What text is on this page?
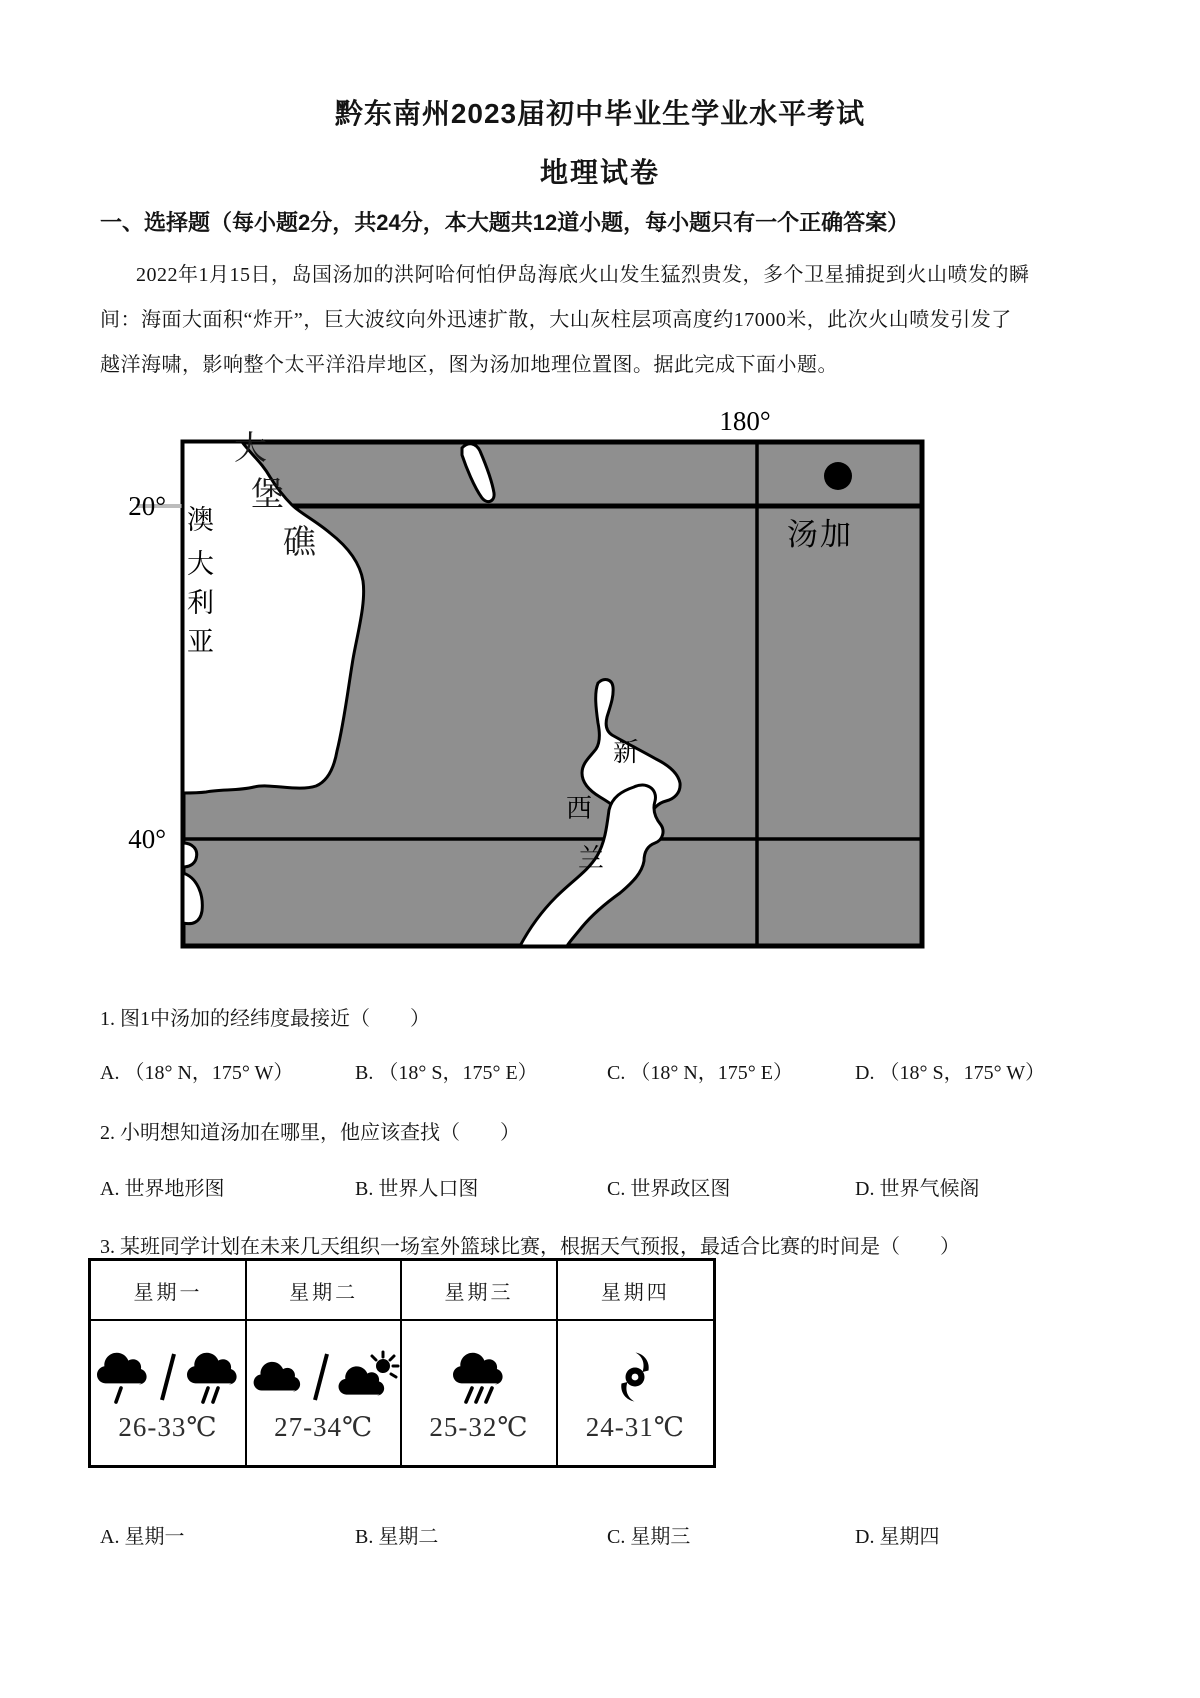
黔东南州2023届初中毕业生学业水平考试
地理试卷
一、选择题（每小题2分，共24分，本大题共12道小题，每小题只有一个正确答案）
2022年1月15日，岛国汤加的洪阿哈何怕伊岛海底火山发生猛烈贵发，多个卫星捕捉到火山喷发的瞬
间：海面大面积“炸开”，巨大波纹向外迅速扩散，大山灰柱层项高度约17000米，此次火山喷发引发了
越洋海啸，影响整个太平洋沿岸地区，图为汤加地理位置图。据此完成下面小题。
180°
20°
40°
汤加
大
堡
礁
澳
大
利
亚
新
西
兰
1. 图1中汤加的经纬度最接近（　　）
A. （18° N，175° W）	B. （18° S，175° E）	C. （18° N，175° E）	D. （18° S，175° W）
2. 小明想知道汤加在哪里，他应该查找（　　）
A. 世界地形图	B. 世界人口图	C. 世界政区图	D. 世界气候阁
3. 某班同学计划在未来几天组织一场室外篮球比赛，根据天气预报，最适合比赛的时间是（　　）
星期一	星期二	星期三	星期四
26-33℃ 27-34℃ 25-32℃ 24-31℃
A. 星期一	B. 星期二	C. 星期三	D. 星期四
